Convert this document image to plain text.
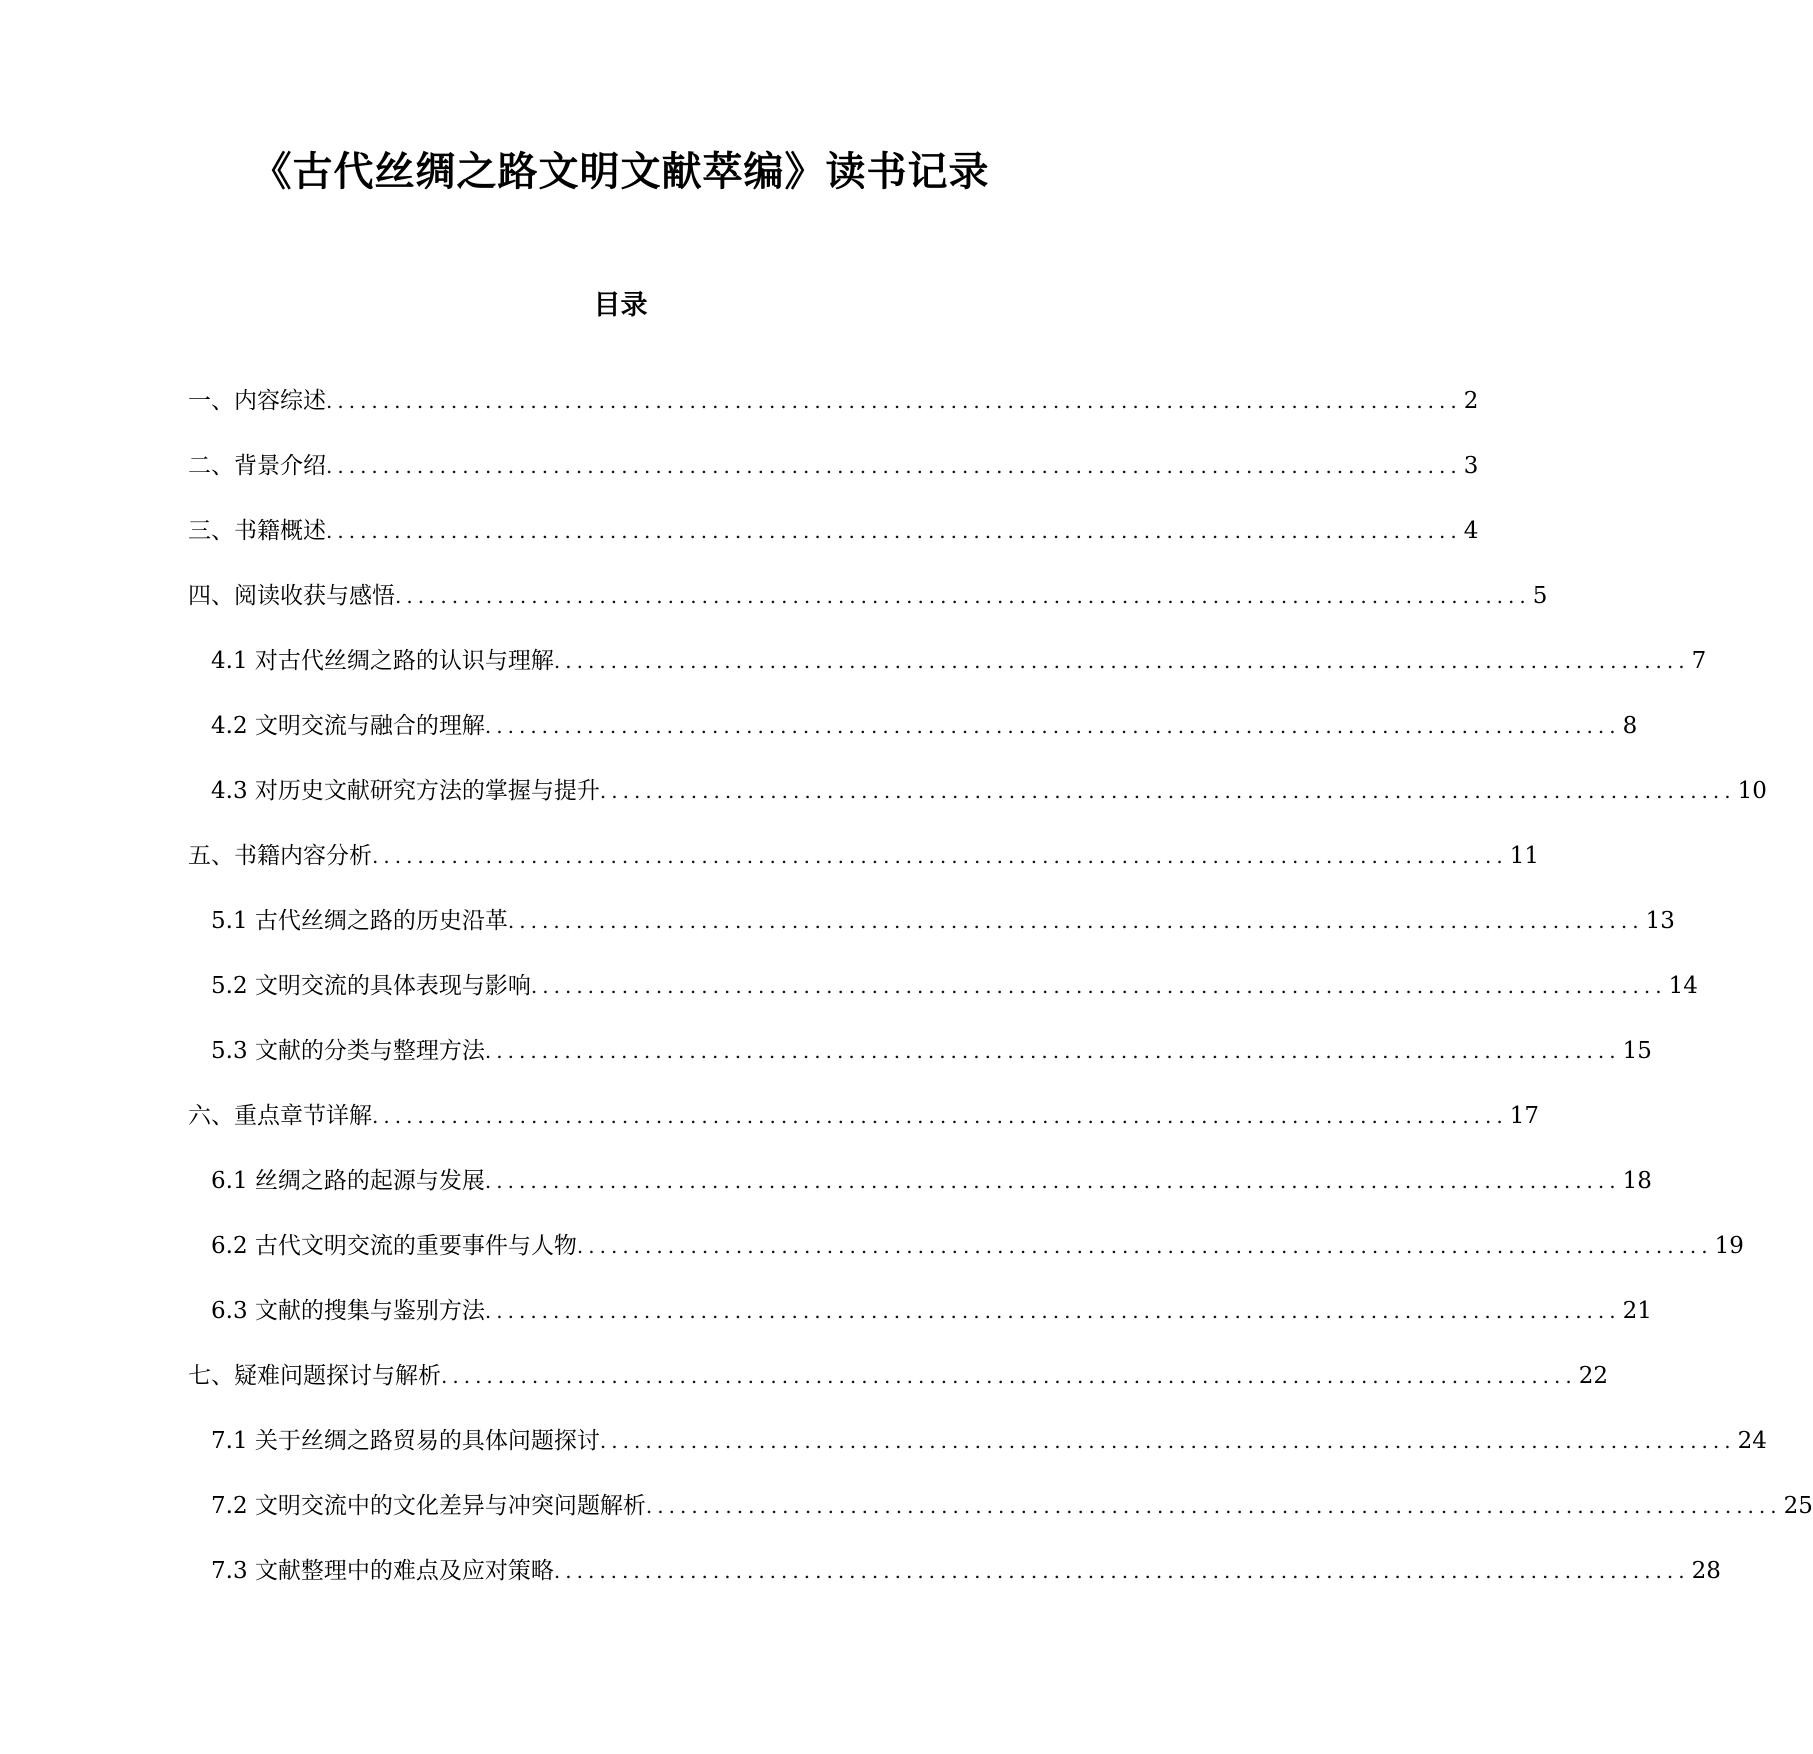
《古代丝绸之路文明文献萃编》读书记录
目录
一、内容综述 .................................................................................................... 2
二、背景介绍 .................................................................................................... 3
三、书籍概述 .................................................................................................... 4
四、阅读收获与感悟 .................................................................................................... 5
4.1 对古代丝绸之路的认识与理解 .................................................................................................... 7
4.2 文明交流与融合的理解 .................................................................................................... 8
4.3 对历史文献研究方法的掌握与提升 .................................................................................................... 10
五、书籍内容分析 .................................................................................................... 11
5.1 古代丝绸之路的历史沿革 .................................................................................................... 13
5.2 文明交流的具体表现与影响 .................................................................................................... 14
5.3 文献的分类与整理方法 .................................................................................................... 15
六、重点章节详解 .................................................................................................... 17
6.1 丝绸之路的起源与发展 .................................................................................................... 18
6.2 古代文明交流的重要事件与人物 .................................................................................................... 19
6.3 文献的搜集与鉴别方法 .................................................................................................... 21
七、疑难问题探讨与解析 .................................................................................................... 22
7.1 关于丝绸之路贸易的具体问题探讨 .................................................................................................... 24
7.2 文明交流中的文化差异与冲突问题解析 .................................................................................................... 25
7.3 文献整理中的难点及应对策略 .................................................................................................... 28
